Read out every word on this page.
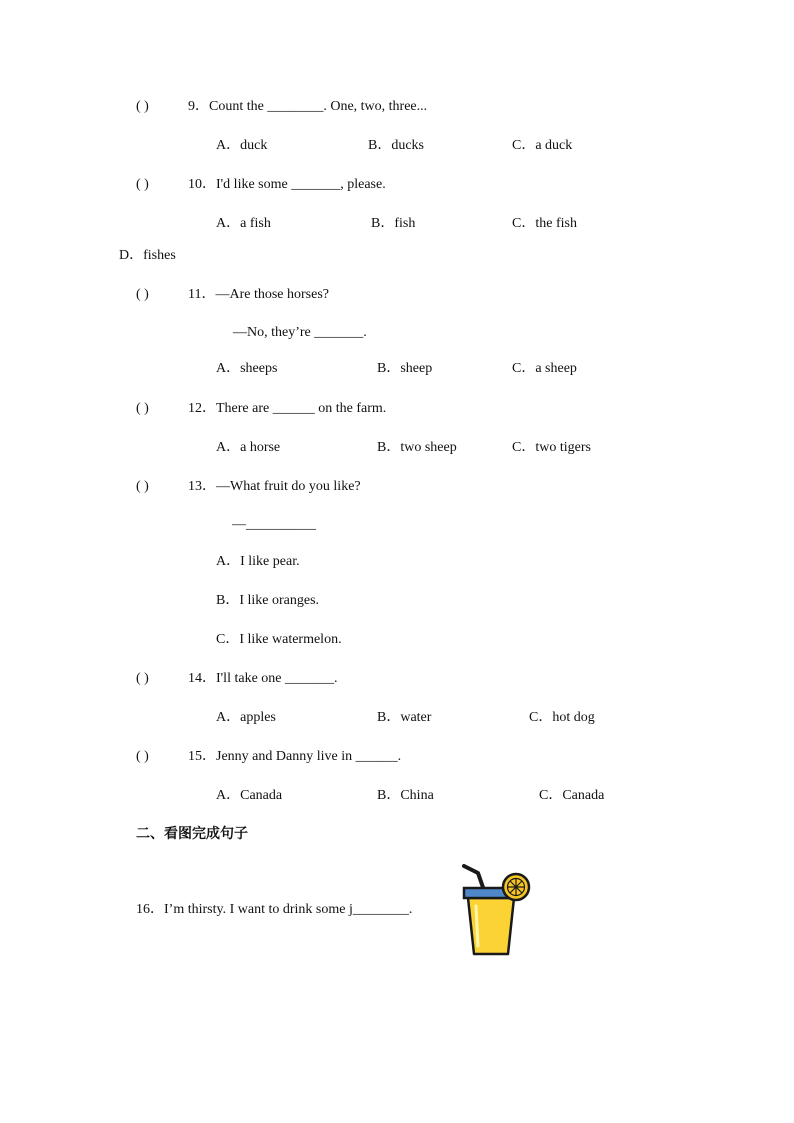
( )	9．Count the ________. One, two, three...
A．duck	B．ducks	C．a duck
( )	10．I'd like some _______, please.
A．a fish	B．fish	C．the fish
D．fishes
( )	11．—Are those horses?
—No, they’re _______.
A．sheeps	B．sheep	C．a sheep
( )	12．There are ______ on the farm.
A．a horse	B．two sheep	C．two tigers
( )	13．—What fruit do you like?
—__________
A．I like pear.
B．I like oranges.
C．I like watermelon.
( )	14．I'll take one _______.
A．apples	B．water	C．hot dog
( )	15．Jenny and Danny live in ______.
A．Canada	B．China	C．Canada
二、看图完成句子
16．I’m thirsty. I want to drink some j________.
